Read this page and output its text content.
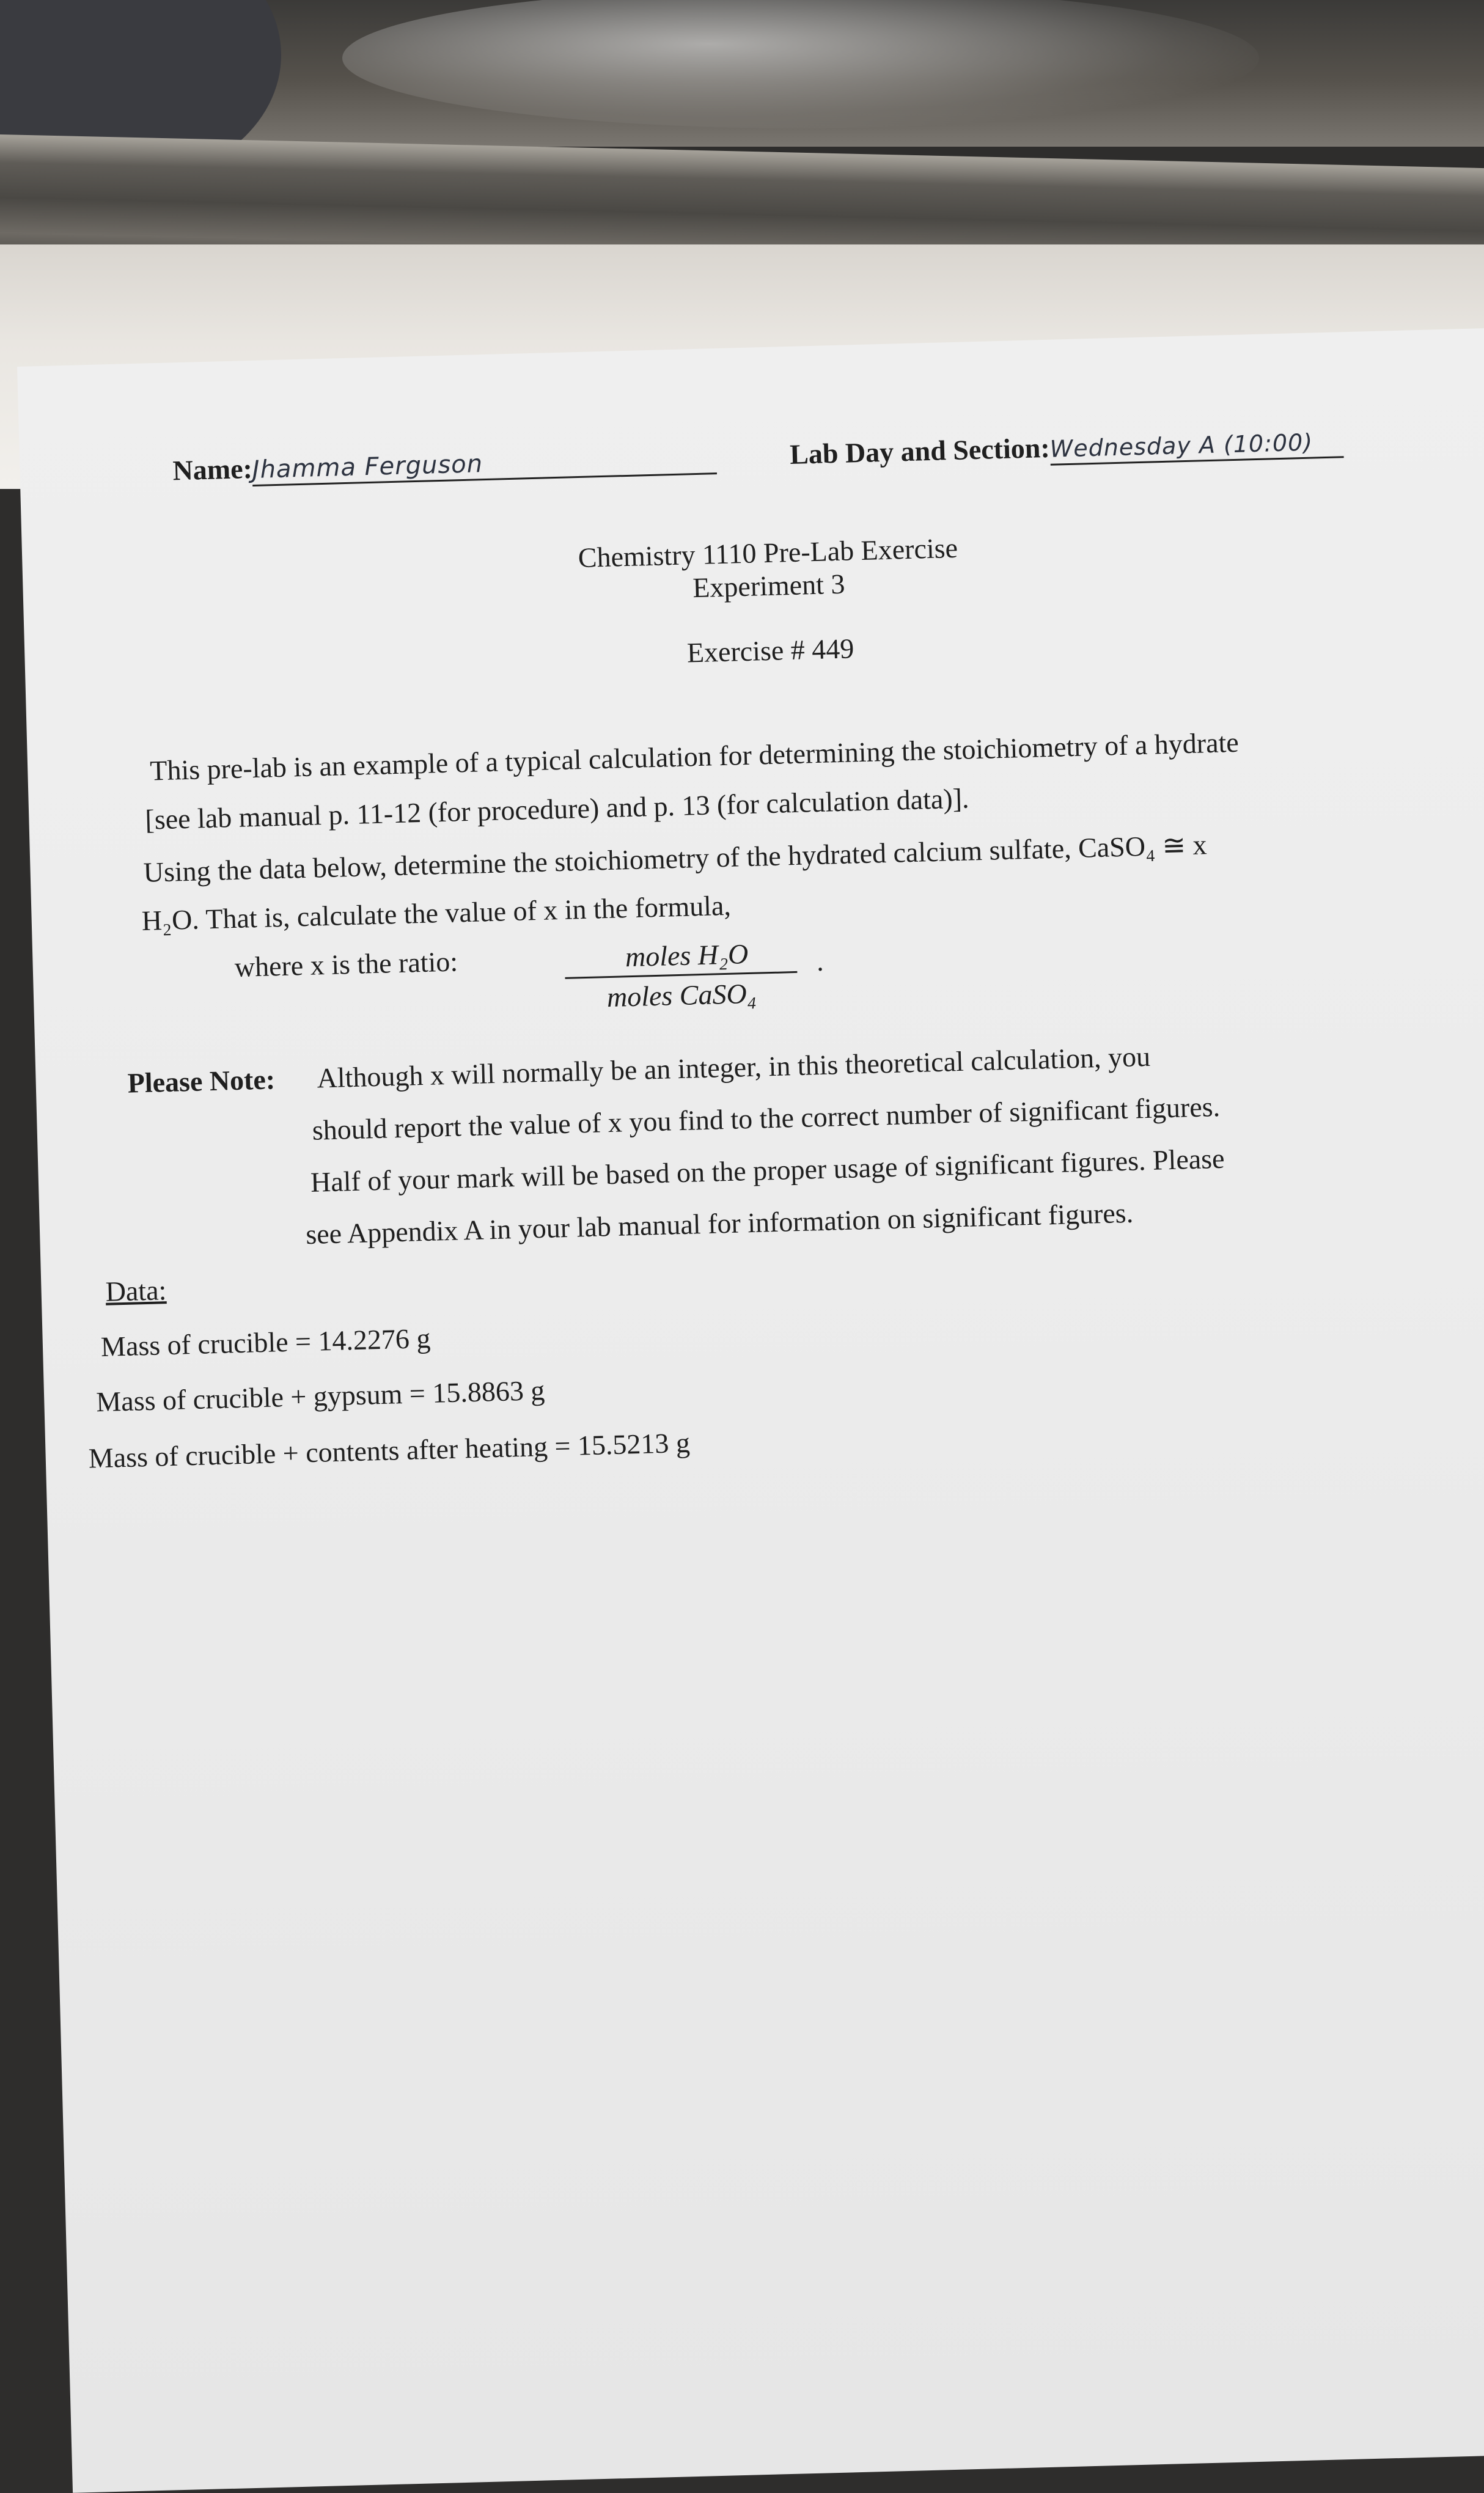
Name:Jhamma Ferguson	Lab Day and Section:Wednesday A (10:00)
Chemistry 1110 Pre-Lab Exercise
Experiment 3
Exercise # 449
This pre-lab is an example of a typical calculation for determining the stoichiometry of a hydrate
[see lab manual p. 11-12 (for procedure) and p. 13 (for calculation data)].
Using the data below, determine the stoichiometry of the hydrated calcium sulfate, CaSO₄ ≅ x
H₂O. That is, calculate the value of x in the formula,
where x is the ratio:	moles H₂O	.
moles CaSO₄
Please Note: Although x will normally be an integer, in this theoretical calculation, you
should report the value of x you find to the correct number of significant figures.
Half of your mark will be based on the proper usage of significant figures. Please
see Appendix A in your lab manual for information on significant figures.
Data:
Mass of crucible = 14.2276 g
Mass of crucible + gypsum = 15.8863 g
Mass of crucible + contents after heating = 15.5213 g
